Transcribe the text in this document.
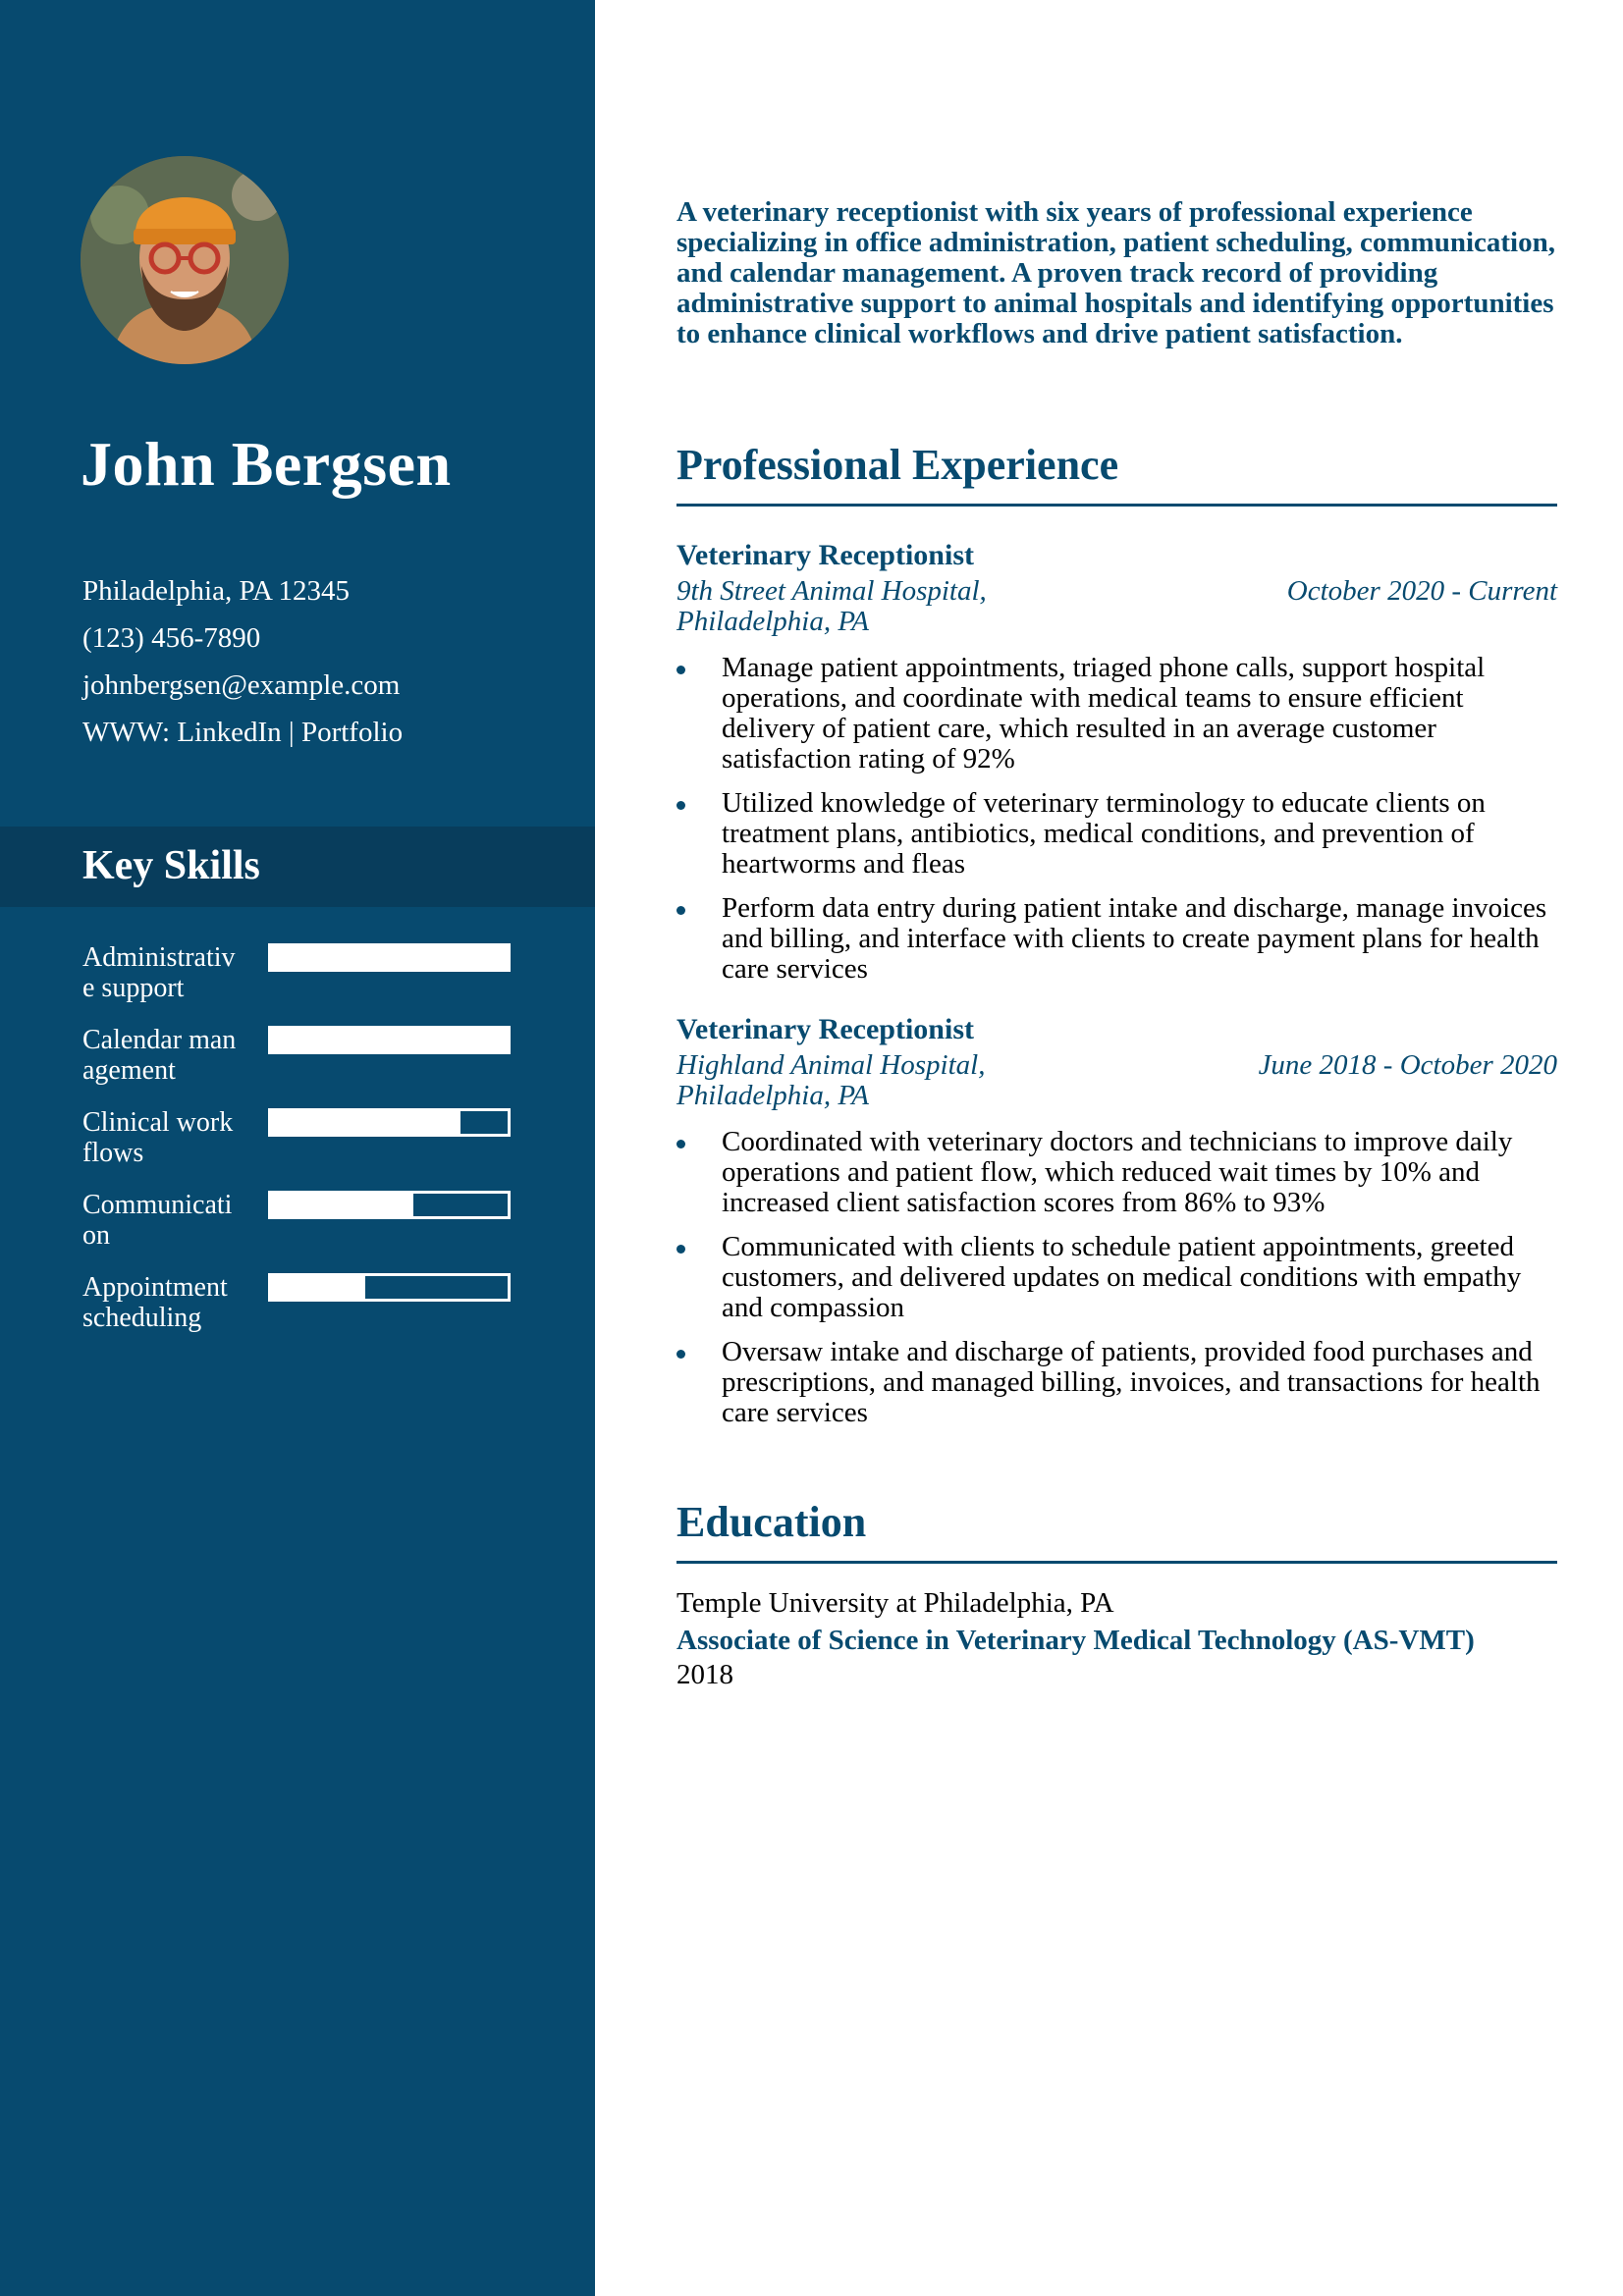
John Bergsen
Philadelphia, PA 12345
(123) 456-7890
johnbergsen@example.com
WWW: LinkedIn | Portfolio
Key Skills
Administrative support
Calendar management
Clinical workflows
Communication
Appointment scheduling
A veterinary receptionist with six years of professional experience specializing in office administration, patient scheduling, communication, and calendar management. A proven track record of providing administrative support to animal hospitals and identifying opportunities to enhance clinical workflows and drive patient satisfaction.
Professional Experience
Veterinary Receptionist
9th Street Animal Hospital, Philadelphia, PA
October 2020 - Current
Manage patient appointments, triaged phone calls, support hospital operations, and coordinate with medical teams to ensure efficient delivery of patient care, which resulted in an average customer satisfaction rating of 92%
Utilized knowledge of veterinary terminology to educate clients on treatment plans, antibiotics, medical conditions, and prevention of heartworms and fleas
Perform data entry during patient intake and discharge, manage invoices and billing, and interface with clients to create payment plans for health care services
Veterinary Receptionist
Highland Animal Hospital, Philadelphia, PA
June 2018 - October 2020
Coordinated with veterinary doctors and technicians to improve daily operations and patient flow, which reduced wait times by 10% and increased client satisfaction scores from 86% to 93%
Communicated with clients to schedule patient appointments, greeted customers, and delivered updates on medical conditions with empathy and compassion
Oversaw intake and discharge of patients, provided food purchases and prescriptions, and managed billing, invoices, and transactions for health care services
Education
Temple University at Philadelphia, PA
Associate of Science in Veterinary Medical Technology (AS-VMT)
2018
